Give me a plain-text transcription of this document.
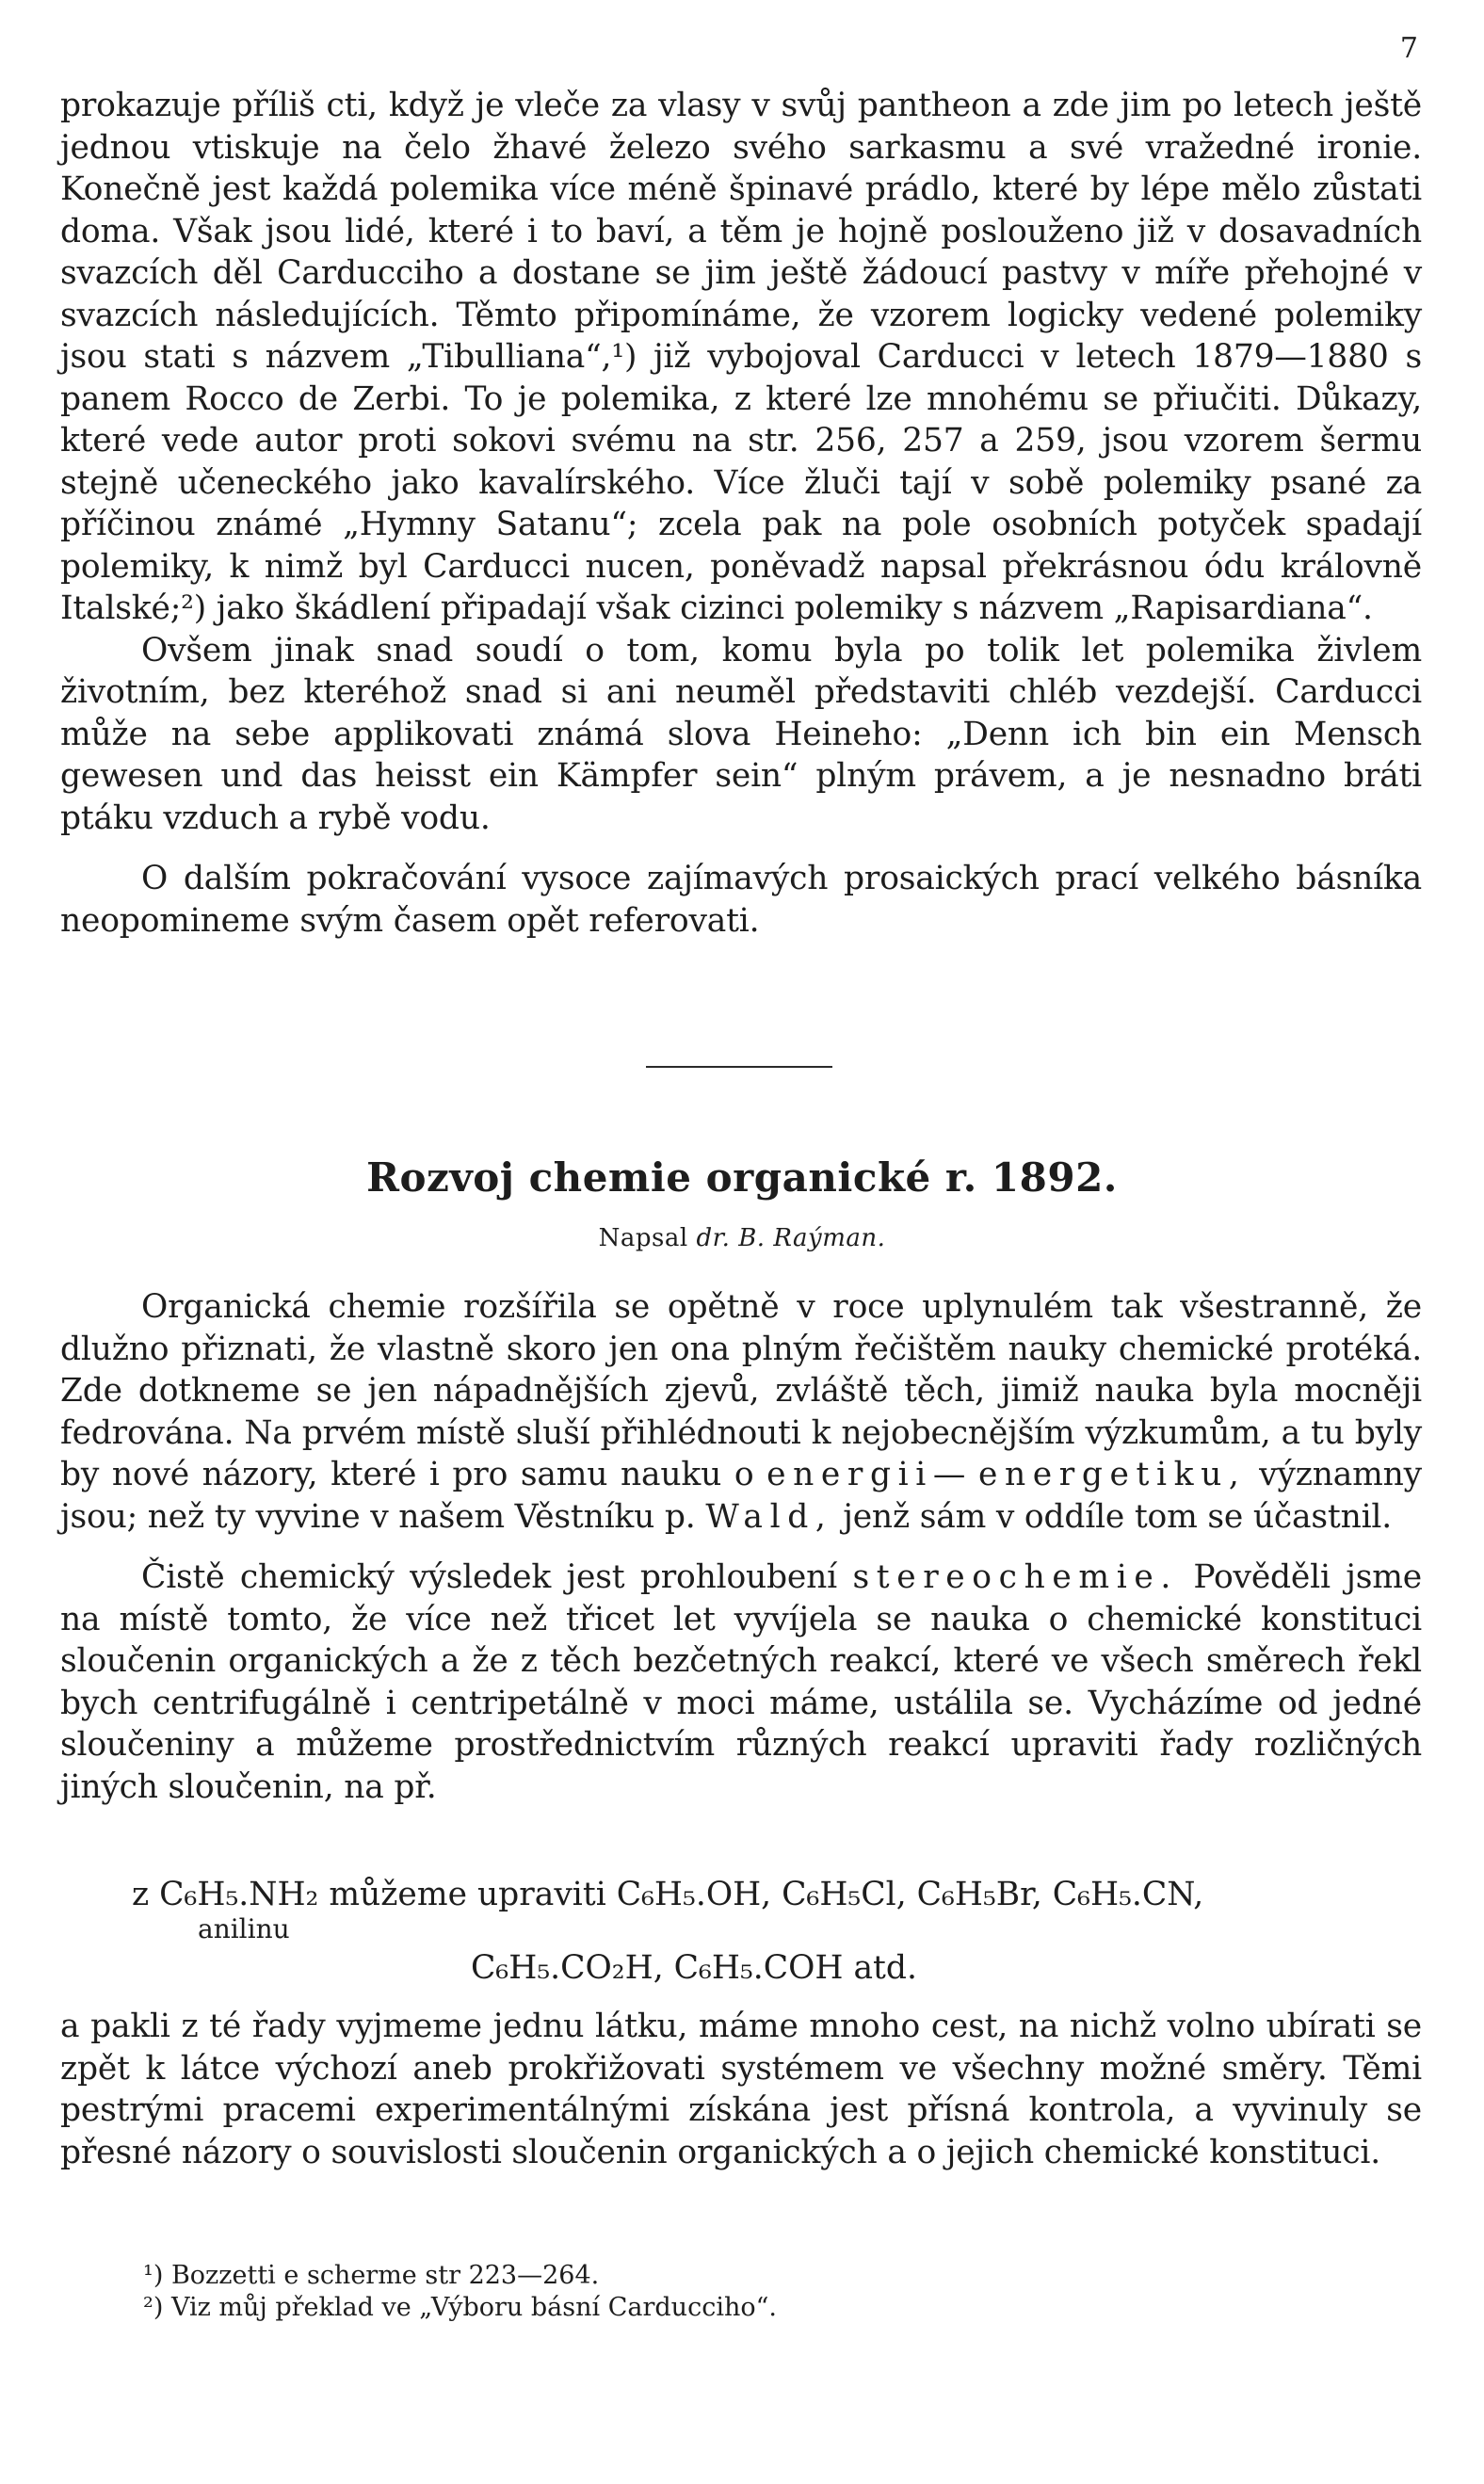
7

prokazuje příliš cti, když je vleče za vlasy v svůj pantheon a zde jim po letech ještě jednou vtiskuje na čelo žhavé železo svého sarkasmu a své vražedné ironie. Konečně jest každá polemika více méně špinavé prádlo, které by lépe mělo zůstati doma. Však jsou lidé, které i to baví, a těm je hojně poslouženo již v dosavadních svazcích děl Carducciho a dostane se jim ještě žádoucí pastvy v míře přehojné v svazcích následujících. Těmto připomínáme, že vzorem logicky vedené polemiky jsou stati s názvem „Tibulliana“,¹) již vybojoval Carducci v letech 1879—1880 s panem Rocco de Zerbi. To je polemika, z které lze mnohému se přiučiti. Důkazy, které vede autor proti sokovi svému na str. 256, 257 a 259, jsou vzorem šermu stejně učeneckého jako kavalírského. Více žluči tají v sobě polemiky psané za příčinou známé „Hymny Satanu“; zcela pak na pole osobních potyček spadají polemiky, k nimž byl Carducci nucen, poněvadž napsal překrásnou ódu královně Italské;²) jako škádlení připadají však cizinci polemiky s názvem „Rapisardiana“.

Ovšem jinak snad soudí o tom, komu byla po tolik let polemika živlem životním, bez kteréhož snad si ani neuměl představiti chléb vezdejší. Carducci může na sebe applikovati známá slova Heineho: „Denn ich bin ein Mensch gewesen und das heisst ein Kämpfer sein“ plným právem, a je nesnadno bráti ptáku vzduch a rybě vodu.

O dalším pokračování vysoce zajímavých prosaických prací velkého básníka neopomineme svým časem opět referovati.

Rozvoj chemie organické r. 1892.
Napsal dr. B. Raýman.

Organická chemie rozšířila se opětně v roce uplynulém tak všestranně, že dlužno přiznati, že vlastně skoro jen ona plným řečištěm nauky chemické protéká. Zde dotkneme se jen nápadnějších zjevů, zvláště těch, jimiž nauka byla mocněji fedrována. Na prvém místě sluší přihlédnouti k nejobecnějším výzkumům, a tu byly by nové názory, které i pro samu nauku o energii— energetiku, významny jsou; než ty vyvine v našem Věstníku p. Wald, jenž sám v oddíle tom se účastnil.

Čistě chemický výsledek jest prohloubení stereochemie. Pověděli jsme na místě tomto, že více než třicet let vyvíjela se nauka o chemické konstituci sloučenin organických a že z těch bezčetných reakcí, které ve všech směrech řekl bych centrifugálně i centripetálně v moci máme, ustálila se. Vycházíme od jedné sloučeniny a můžeme prostřednictvím různých reakcí upraviti řady rozličných jiných sloučenin, na př.

z C₆H₅.NH₂ můžeme upraviti C₆H₅.OH, C₆H₅Cl, C₆H₅Br, C₆H₅.CN,
anilinu
C₆H₅.CO₂H, C₆H₅.COH atd.

a pakli z té řady vyjmeme jednu látku, máme mnoho cest, na nichž volno ubírati se zpět k látce výchozí aneb prokřižovati systémem ve všechny možné směry. Těmi pestrými pracemi experimentálnými získána jest přísná kontrola, a vyvinuly se přesné názory o souvislosti sloučenin organických a o jejich chemické konstituci.

¹) Bozzetti e scherme str 223—264.
²) Viz můj překlad ve „Výboru básní Carducciho“.
